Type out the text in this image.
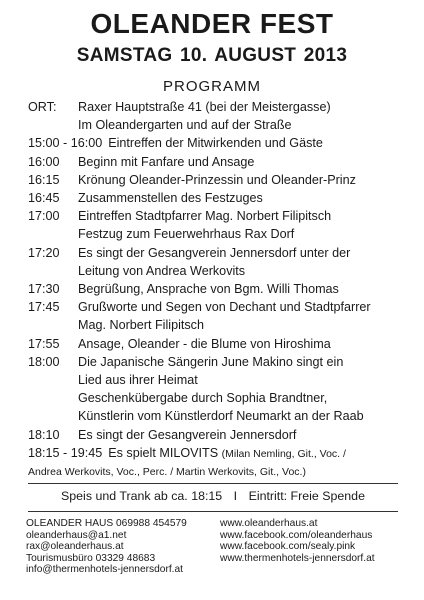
OLEANDER FEST
SAMSTAG 10. AUGUST 2013
PROGRAMM
ORT:	Raxer Hauptstraße 41 (bei der Meistergasse)
Im Oleandergarten und auf der Straße
15:00 - 16:00 Eintreffen der Mitwirkenden und Gäste
16:00	Beginn mit Fanfare und Ansage
16:15	Krönung Oleander-Prinzessin und Oleander-Prinz
16:45	Zusammenstellen des Festzuges
17:00	Eintreffen Stadtpfarrer Mag. Norbert Filipitsch
Festzug zum Feuerwehrhaus Rax Dorf
17:20	Es singt der Gesangverein Jennersdorf unter der
Leitung von Andrea Werkovits
17:30	Begrüßung, Ansprache von Bgm. Willi Thomas
17:45	Grußworte und Segen von Dechant und Stadtpfarrer
Mag. Norbert Filipitsch
17:55	Ansage, Oleander - die Blume von Hiroshima
18:00	Die Japanische Sängerin June Makino singt ein
Lied aus ihrer Heimat
Geschenkübergabe durch Sophia Brandtner,
Künstlerin vom Künstlerdorf Neumarkt an der Raab
18:10	Es singt der Gesangverein Jennersdorf
18:15 - 19:45 Es spielt MILOVITS (Milan Nemling, Git., Voc. /
Andrea Werkovits, Voc., Perc. / Martin Werkovits, Git., Voc.)
Speis und Trank ab ca. 18:15 I Eintritt: Freie Spende
OLEANDER HAUS 069988 454579
oleanderhaus@a1.net
rax@oleanderhaus.at
Tourismusbüro 03329 48683
info@thermenhotels-jennersdorf.at
www.oleanderhaus.at
www.facebook.com/oleanderhaus
www.facebook.com/sealy.pink
www.thermenhotels-jennersdorf.at
